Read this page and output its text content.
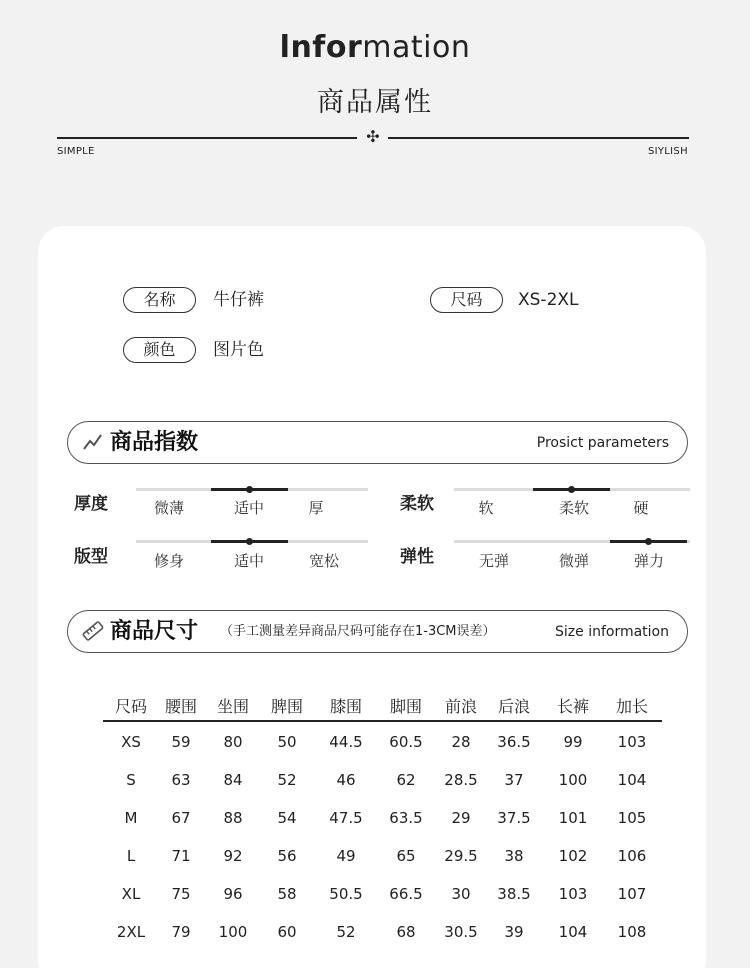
lnformation
商品属性
✣
SIMPLE	SIYLISH
名称	牛仔裤	尺码	XS-2XL
颜色	图片色
商品指数	Prosict parameters
厚度	微薄	适中	厚	柔软	软	柔软	硬
版型	修身	适中	宽松	弹性	无弹	微弹	弹力
商品尺寸 （手工测量差异商品尺码可能存在1-3CM误差）	Size information
尺码	腰围	坐围	脾围	膝围	脚围	前浪	后浪	长裤	加长
XS	59	80	50	44.5	60.5	28	36.5	99	103
S	63	84	52	46	62	28.5	37	100	104
M	67	88	54	47.5	63.5	29	37.5	101	105
L	71	92	56	49	65	29.5	38	102	106
XL	75	96	58	50.5	66.5	30	38.5	103	107
2XL	79	100	60	52	68	30.5	39	104	108
